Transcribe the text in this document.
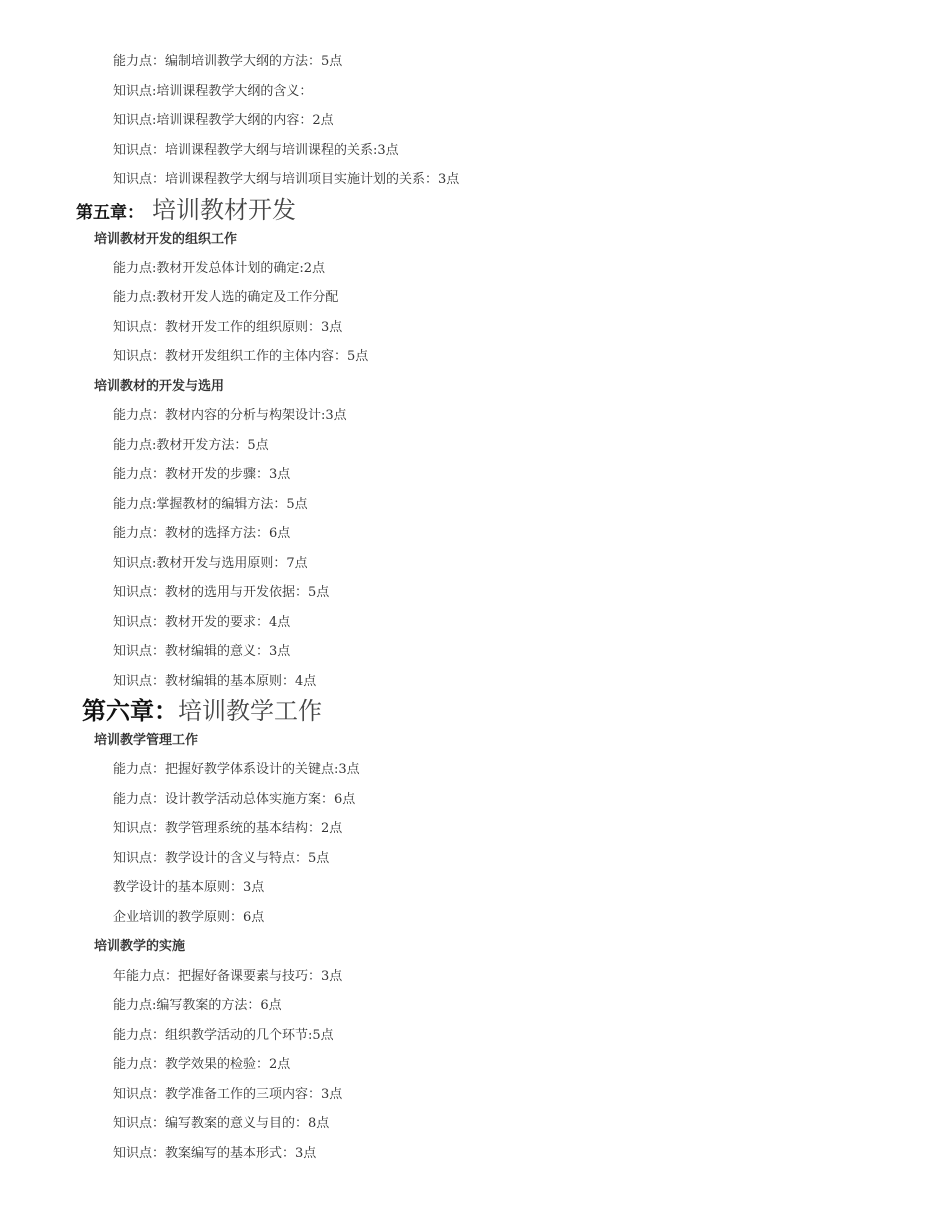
能力点：编制培训教学大纲的方法：5点
知识点:培训课程教学大纲的含义：
知识点:培训课程教学大纲的内容：2点
知识点：培训课程教学大纲与培训课程的关系:3点
知识点：培训课程教学大纲与培训项目实施计划的关系：3点
第五章： 培训教材开发
培训教材开发的组织工作
能力点:教材开发总体计划的确定:2点
能力点:教材开发人选的确定及工作分配
知识点：教材开发工作的组织原则：3点
知识点：教材开发组织工作的主体内容：5点
培训教材的开发与选用
能力点：教材内容的分析与构架设计:3点
能力点:教材开发方法：5点
能力点：教材开发的步骤：3点
能力点:掌握教材的编辑方法：5点
能力点：教材的选择方法：6点
知识点:教材开发与选用原则：7点
知识点：教材的选用与开发依据：5点
知识点：教材开发的要求：4点
知识点：教材编辑的意义：3点
知识点：教材编辑的基本原则：4点
第六章：培训教学工作
培训教学管理工作
能力点：把握好教学体系设计的关键点:3点
能力点：设计教学活动总体实施方案：6点
知识点：教学管理系统的基本结构：2点
知识点：教学设计的含义与特点：5点
教学设计的基本原则：3点
企业培训的教学原则：6点
培训教学的实施
年能力点：把握好备课要素与技巧：3点
能力点:编写教案的方法：6点
能力点：组织教学活动的几个环节:5点
能力点：教学效果的检验：2点
知识点：教学准备工作的三项内容：3点
知识点：编写教案的意义与目的：8点
知识点：教案编写的基本形式：3点
